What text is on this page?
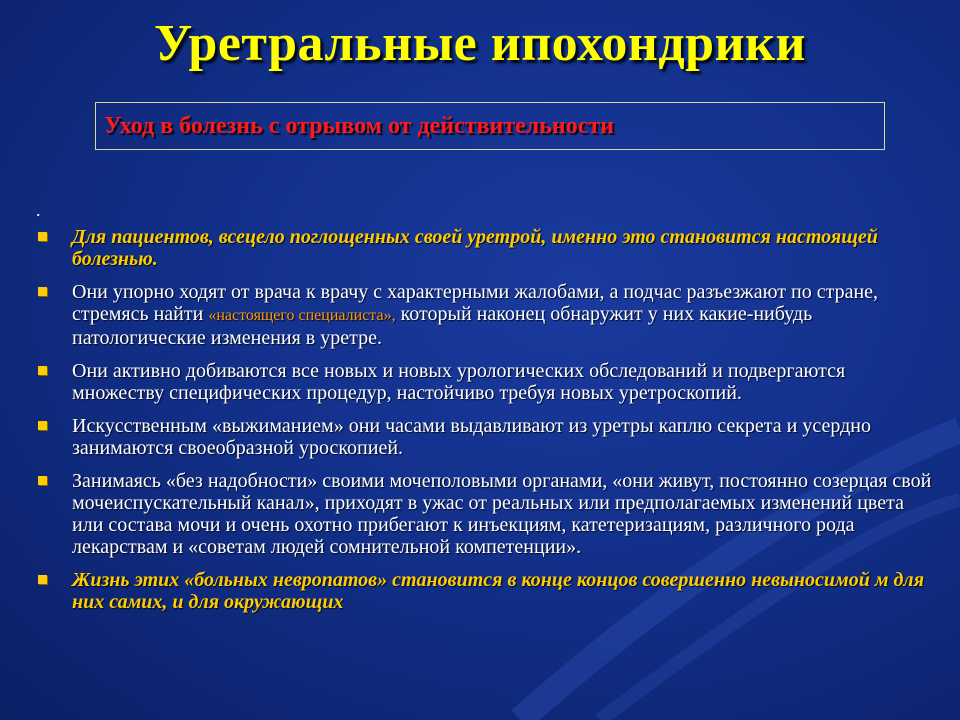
Уретральные ипохондрики
Уход в болезнь с отрывом от действительности
.
Для пациентов, всецело поглощенных своей уретрой, именно это становится настоящей болезнью.
Они упорно ходят от врача к врачу с характерными жалобами, а подчас разъезжают по стране, стремясь найти «настоящего специалиста», который наконец обнаружит у них какие-нибудь патологические изменения в уретре.
Они активно добиваются все новых и новых урологических обследований и подвергаются множеству специфических процедур, настойчиво требуя новых уретроскопий.
Искусственным «выжиманием» они часами выдавливают из уретры каплю секрета и усердно занимаются своеобразной уроскопией.
Занимаясь «без надобности» своими мочеполовыми органами, «они живут, постоянно созерцая свой мочеиспускательный канал», приходят в ужас от реальных или предполагаемых изменений цвета или состава мочи и очень охотно прибегают к инъекциям, катетеризациям, различного рода лекарствам и «советам людей сомнительной компетенции».
Жизнь этих «больных невропатов» становится в конце концов совершенно невыносимой м для них самих, и для окружающих
